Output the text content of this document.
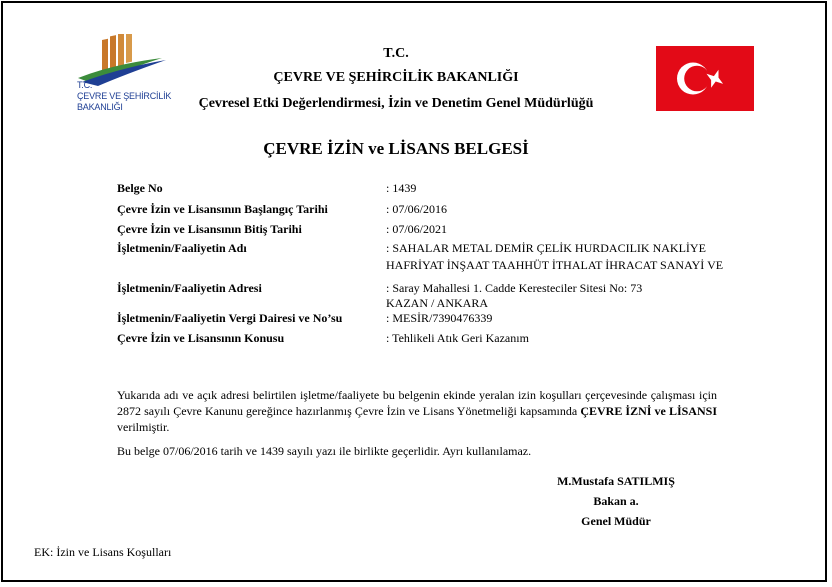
T.C.
ÇEVRE VE ŞEHİRCİLİK
BAKANLIĞI
T.C.
ÇEVRE VE ŞEHİRCİLİK BAKANLIĞI
Çevresel Etki Değerlendirmesi, İzin ve Denetim Genel Müdürlüğü
ÇEVRE İZİN ve LİSANS BELGESİ
Belge No	: 1439
Çevre İzin ve Lisansının Başlangıç Tarihi	: 07/06/2016
Çevre İzin ve Lisansının Bitiş Tarihi	: 07/06/2021
İşletmenin/Faaliyetin Adı	: SAHALAR METAL DEMİR ÇELİK HURDACILIK NAKLİYE
HAFRİYAT İNŞAAT TAAHHÜT İTHALAT İHRACAT SANAYİ VE
İşletmenin/Faaliyetin Adresi	: Saray Mahallesi 1. Cadde Keresteciler Sitesi No: 73
KAZAN / ANKARA
İşletmenin/Faaliyetin Vergi Dairesi ve No’su	: MESİR/7390476339
Çevre İzin ve Lisansının Konusu	: Tehlikeli Atık Geri Kazanım
Yukarıda adı ve açık adresi belirtilen işletme/faaliyete bu belgenin ekinde yeralan izin koşulları çerçevesinde çalışması için 2872 sayılı Çevre Kanunu gereğince hazırlanmış Çevre İzin ve Lisans Yönetmeliği kapsamında ÇEVRE İZNİ ve LİSANSI verilmiştir.
Bu belge 07/06/2016 tarih ve 1439 sayılı yazı ile birlikte geçerlidir. Ayrı kullanılamaz.
M.Mustafa SATILMIŞ
Bakan a.
Genel Müdür
EK: İzin ve Lisans Koşulları
